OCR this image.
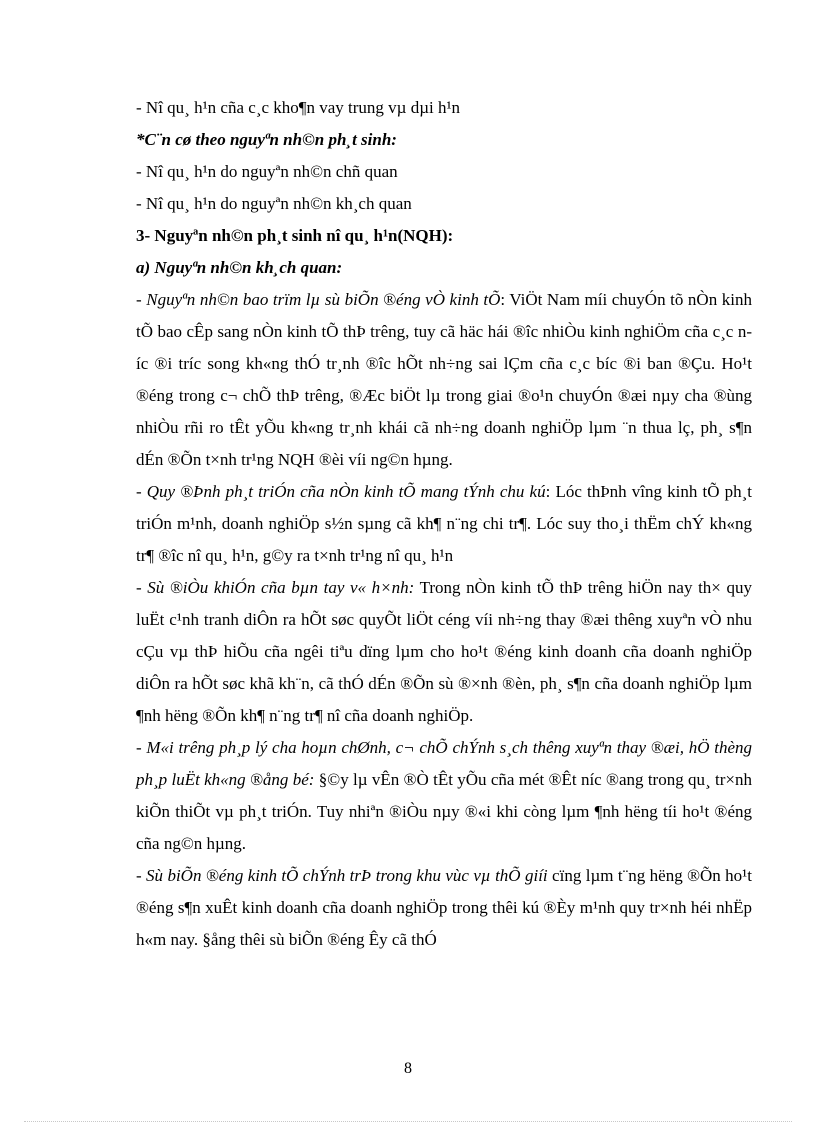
- Nî qu¸ h¹n cña c¸c kho¶n vay trung vµ dµi h¹n

*C¨n cø theo nguyªn nh©n ph¸t sinh:

- Nî qu¸ h¹n do nguyªn nh©n chñ quan

- Nî qu¸ h¹n do nguyªn nh©n kh¸ch quan

3- Nguyªn nh©n ph¸t sinh nî qu¸ h¹n(NQH):

a) Nguyªn nh©n kh¸ch quan:

- Nguyªn nh©n bao trïm lµ sù biÕn ®éng vÒ kinh tÕ: ViÖt Nam míi chuyÓn tõ nÒn kinh tÕ bao cÊp sang nÒn kinh tÕ thÞ trêng, tuy cã häc hái ®îc nhiÒu kinh nghiÖm cña c¸c níc ®i tríc song kh«ng thÓ tr¸nh ®îc hÕt nh÷ng sai lÇm cña c¸c bíc ®i ban ®Çu. Ho¹t ®éng trong c¬ chÕ thÞ trêng, ®Æc biÖt lµ trong giai ®o¹n chuyÓn ®æi nµy cha ®ùng nhiÒu rñi ro tÊt yÕu kh«ng tr¸nh khái cã nh÷ng doanh nghiÖp lµm ¨n thua lç, ph¸ s¶n dÉn ®Õn t×nh tr¹ng NQH ®èi víi ng©n hµng.

- Quy ®Þnh ph¸t triÓn cña nÒn kinh tÕ mang tÝnh chu kú: Lóc thÞnh vîng kinh tÕ ph¸t triÓn m¹nh, doanh nghiÖp s½n sµng cã kh¶ n¨ng chi tr¶. Lóc suy tho¸i thËm chÝ kh«ng tr¶ ®îc nî qu¸ h¹n, g©y ra t×nh tr¹ng nî qu¸ h¹n

- Sù ®iÒu khiÓn cña bµn tay v« h×nh: Trong nÒn kinh tÕ thÞ trêng hiÖn nay th× quy luËt c¹nh tranh diÔn ra hÕt søc quyÕt liÖt céng víi nh÷ng thay ®æi thêng xuyªn vÒ nhu cÇu vµ thÞ hiÕu cña ngêi tiªu dïng lµm cho ho¹t ®éng kinh doanh cña doanh nghiÖp diÔn ra hÕt søc khã kh¨n, cã thÓ dÉn ®Õn sù ®×nh ®èn, ph¸ s¶n cña doanh nghiÖp lµm ¶nh hëng ®Õn kh¶ n¨ng tr¶ nî cña doanh nghiÖp.

- M«i trêng ph¸p lý cha hoµn chØnh, c¬ chÕ chÝnh s¸ch thêng xuyªn thay ®æi, hÖ thèng ph¸p luËt kh«ng ®ång bé: §©y lµ vÊn ®Ò tÊt yÕu cña mét ®Êt níc ®ang trong qu¸ tr×nh kiÕn thiÕt vµ ph¸t triÓn. Tuy nhiªn ®iÒu nµy ®«i khi còng lµm ¶nh hëng tíi ho¹t ®éng cña ng©n hµng.

- Sù biÕn ®éng kinh tÕ chÝnh trÞ trong khu vùc vµ thÕ giíi cïng lµm t¨ng hëng ®Õn ho¹t ®éng s¶n xuÊt kinh doanh cña doanh nghiÖp trong thêi kú ®Èy m¹nh quy tr×nh héi nhËp h«m nay. §ång thêi sù biÕn ®éng Êy cã thÓ

8
